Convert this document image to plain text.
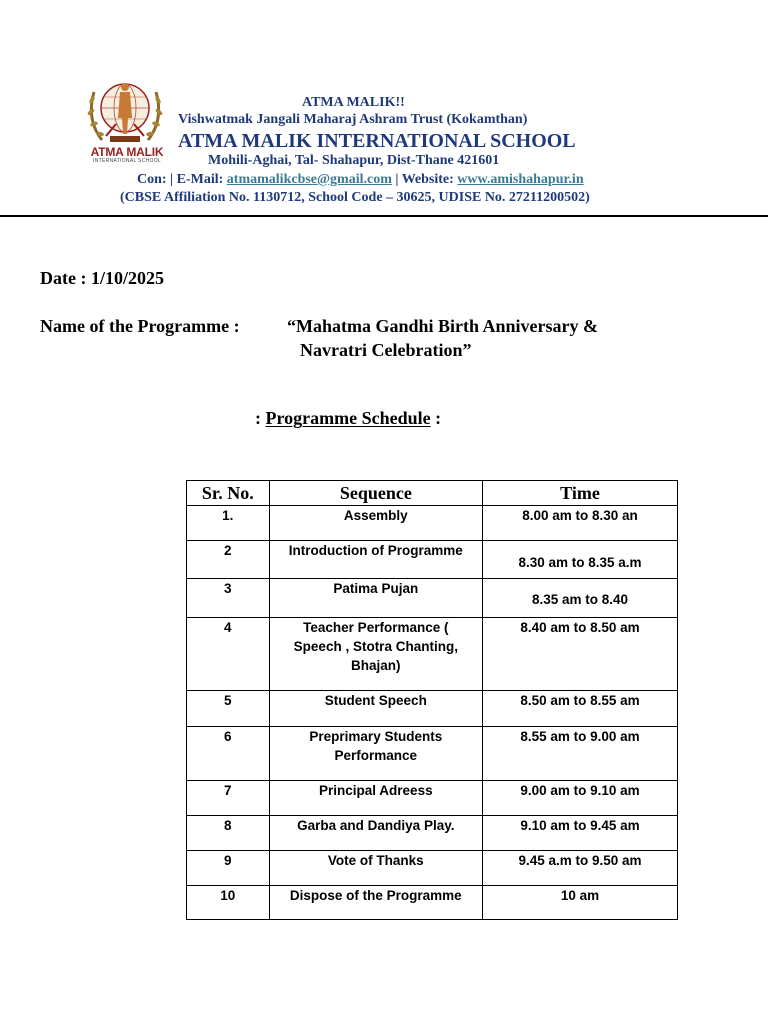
ATMA MALIK
INTERNATIONAL SCHOOL
ATMA MALIK!!
Vishwatmak Jangali Maharaj Ashram Trust (Kokamthan)
ATMA MALIK INTERNATIONAL SCHOOL
Mohili-Aghai, Tal- Shahapur, Dist-Thane 421601
Con: | E-Mail: atmamalikcbse@gmail.com | Website: www.amishahapur.in
(CBSE Affiliation No. 1130712, School Code – 30625, UDISE No. 27211200502)
Date : 1/10/2025
Name of the Programme :	“Mahatma Gandhi Birth Anniversary &
Navratri Celebration”
: Programme Schedule :
Sr. No.	Sequence	Time
1.	Assembly	8.00 am to 8.30 an
2	Introduction of Programme	8.30 am to 8.35 a.m
3	Patima Pujan	8.35 am to 8.40
4	Teacher Performance ( Speech , Stotra Chanting, Bhajan)	8.40 am to 8.50 am
5	Student Speech	8.50 am to 8.55 am
6	Preprimary Students Performance	8.55 am to 9.00 am
7	Principal Adreess	9.00 am to 9.10 am
8	Garba and Dandiya Play.	9.10 am to 9.45 am
9	Vote of Thanks	9.45 a.m to 9.50 am
10	Dispose of the Programme	10 am
